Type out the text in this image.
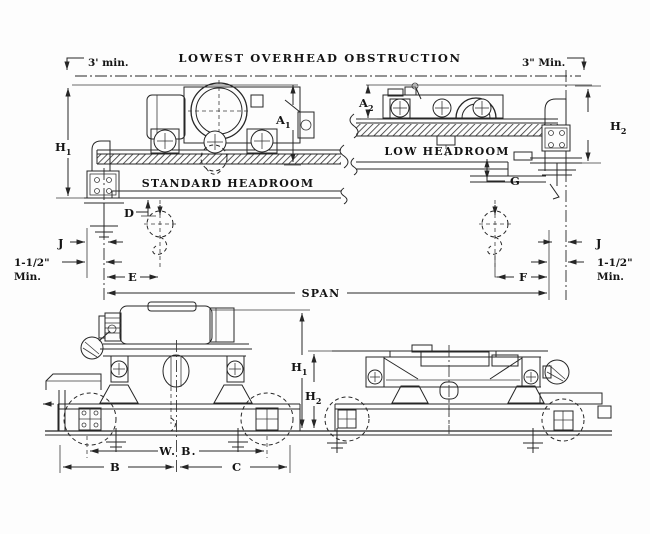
LOWEST OVERHEAD OBSTRUCTION
3' min.	3" Min.
$H_1$
$H_2$
STANDARD HEADROOM
LOW HEADROOM
$A_1$
$A_2$
D
G
E	F
J	J
1-1/2"
Min.
1-1/2"
Min.
SPAN
$H_1$
$H_2$
W. B.
B	C
